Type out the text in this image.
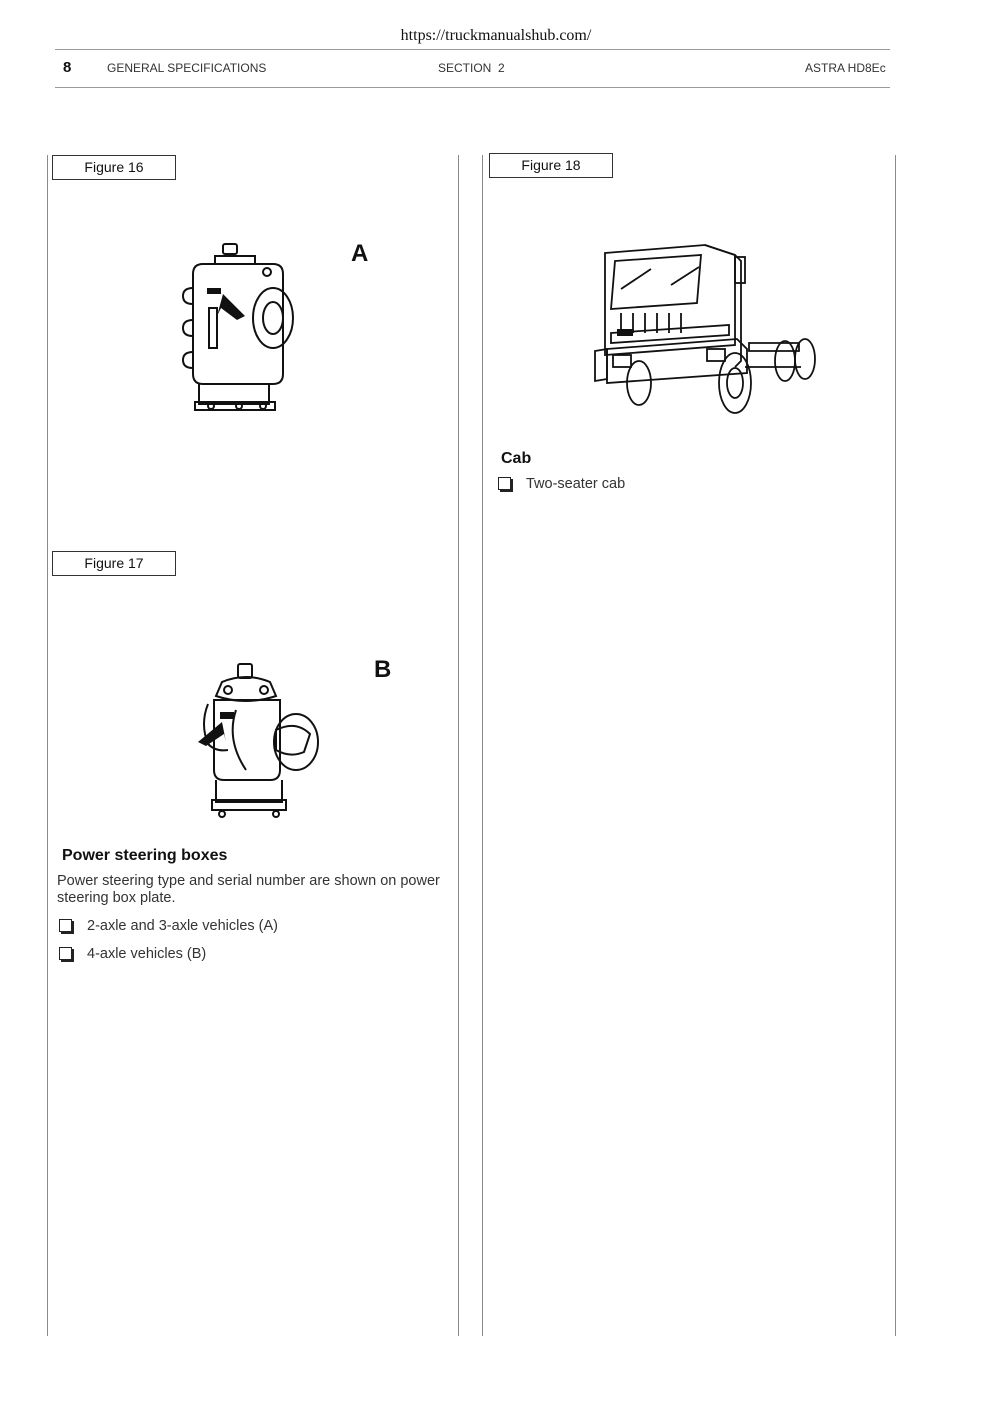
https://truckmanualshub.com/
8	GENERAL SPECIFICATIONS	SECTION  2	ASTRA HD8Ec
Figure 16
A
Figure 17
B
Power steering boxes
Power steering type and serial number are shown on power steering box plate.
2-axle and 3-axle vehicles (A)
4-axle vehicles (B)
Figure 18
Cab
Two-seater cab
